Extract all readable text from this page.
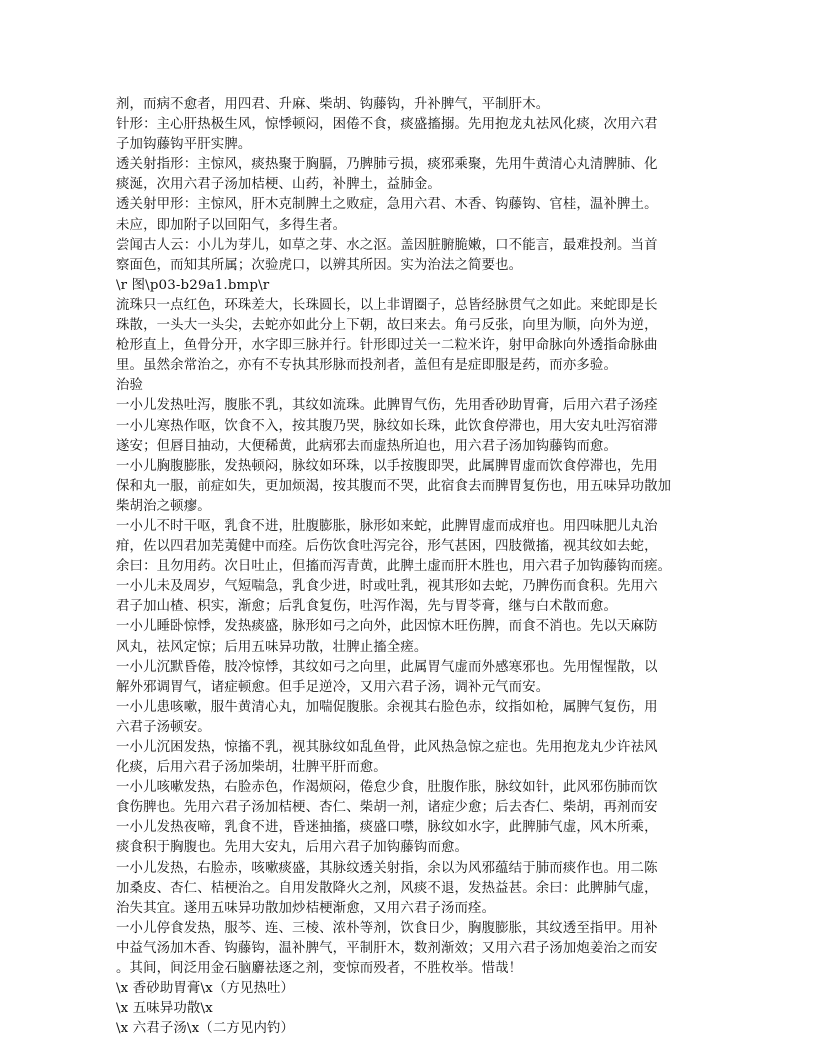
剂，而病不愈者，用四君、升麻、柴胡、钩藤钩，升补脾气，平制肝木。
针形：主心肝热极生风，惊悸顿闷，困倦不食，痰盛搐搦。先用抱龙丸祛风化痰，次用六君
子加钩藤钩平肝实脾。
透关射指形：主惊风，痰热聚于胸膈，乃脾肺亏损，痰邪乘聚，先用牛黄清心丸清脾肺、化
痰涎，次用六君子汤加桔梗、山药，补脾土，益肺金。
透关射甲形：主惊风，肝木克制脾土之败症，急用六君、木香、钩藤钩、官桂，温补脾土。
未应，即加附子以回阳气，多得生者。
尝闻古人云：小儿为芽儿，如草之芽、水之沤。盖因脏腑脆嫩，口不能言，最难投剂。当首
察面色，而知其所属；次验虎口，以辨其所因。实为治法之简要也。
\r 图\p03-b29a1.bmp\r
流珠只一点红色，环珠差大，长珠圆长，以上非谓圈子，总皆经脉贯气之如此。来蛇即是长
珠散，一头大一头尖，去蛇亦如此分上下朝，故曰来去。角弓反张，向里为顺，向外为逆，
枪形直上，鱼骨分开，水字即三脉并行。针形即过关一二粒米许，射甲命脉向外透指命脉曲
里。虽然余常治之，亦有不专执其形脉而投剂者，盖但有是症即服是药，而亦多验。
治验
一小儿发热吐泻，腹胀不乳，其纹如流珠。此脾胃气伤，先用香砂助胃膏，后用六君子汤痊
一小儿寒热作呕，饮食不入，按其腹乃哭，脉纹如长珠，此饮食停滞也，用大安丸吐泻宿滞
遂安；但唇目抽动，大便稀黄，此病邪去而虚热所迫也，用六君子汤加钩藤钩而愈。
一小儿胸腹膨胀，发热顿闷，脉纹如环珠，以手按腹即哭，此属脾胃虚而饮食停滞也，先用
保和丸一服，前症如失，更加烦渴，按其腹而不哭，此宿食去而脾胃复伤也，用五味异功散加
柴胡治之顿瘳。
一小儿不时干呕，乳食不进，肚腹膨胀，脉形如来蛇，此脾胃虚而成疳也。用四味肥儿丸治
疳，佐以四君加芜荑健中而痊。后伤饮食吐泻完谷，形气甚困，四肢微搐，视其纹如去蛇，
余曰：且勿用药。次日吐止，但搐而泻青黄，此脾土虚而肝木胜也，用六君子加钩藤钩而瘥。
一小儿未及周岁，气短喘急，乳食少进，时或吐乳，视其形如去蛇，乃脾伤而食积。先用六
君子加山楂、枳实，渐愈；后乳食复伤，吐泻作渴，先与胃苓膏，继与白术散而愈。
一小儿睡卧惊悸，发热痰盛，脉形如弓之向外，此因惊木旺伤脾，而食不消也。先以天麻防
风丸，祛风定惊；后用五味异功散，壮脾止搐全瘥。
一小儿沉默昏倦，肢冷惊悸，其纹如弓之向里，此属胃气虚而外感寒邪也。先用惺惺散，以
解外邪调胃气，诸症顿愈。但手足逆冷，又用六君子汤，调补元气而安。
一小儿患咳嗽，服牛黄清心丸，加喘促腹胀。余视其右脸色赤，纹指如枪，属脾气复伤，用
六君子汤顿安。
一小儿沉困发热，惊搐不乳，视其脉纹如乱鱼骨，此风热急惊之症也。先用抱龙丸少许祛风
化痰，后用六君子汤加柴胡，壮脾平肝而愈。
一小儿咳嗽发热，右脸赤色，作渴烦闷，倦怠少食，肚腹作胀，脉纹如针，此风邪伤肺而饮
食伤脾也。先用六君子汤加桔梗、杏仁、柴胡一剂，诸症少愈；后去杏仁、柴胡，再剂而安
一小儿发热夜啼，乳食不进，昏迷抽搐，痰盛口噤，脉纹如水字，此脾肺气虚，风木所乘，
痰食积于胸腹也。先用大安丸，后用六君子加钩藤钩而愈。
一小儿发热，右脸赤，咳嗽痰盛，其脉纹透关射指，余以为风邪蕴结于肺而痰作也。用二陈
加桑皮、杏仁、桔梗治之。自用发散降火之剂，风痰不退，发热益甚。余曰：此脾肺气虚，
治失其宜。遂用五味异功散加炒桔梗渐愈，又用六君子汤而痊。
一小儿停食发热，服芩、连、三棱、浓朴等剂，饮食日少，胸腹膨胀，其纹透至指甲。用补
中益气汤加木香、钩藤钩，温补脾气，平制肝木，数剂渐效；又用六君子汤加炮姜治之而安
。其间，间泛用金石脑麝祛逐之剂，变惊而殁者，不胜枚举。惜哉！
\x 香砂助胃膏\x（方见热吐）
\x 五味异功散\x
\x 六君子汤\x（二方见内钓）
